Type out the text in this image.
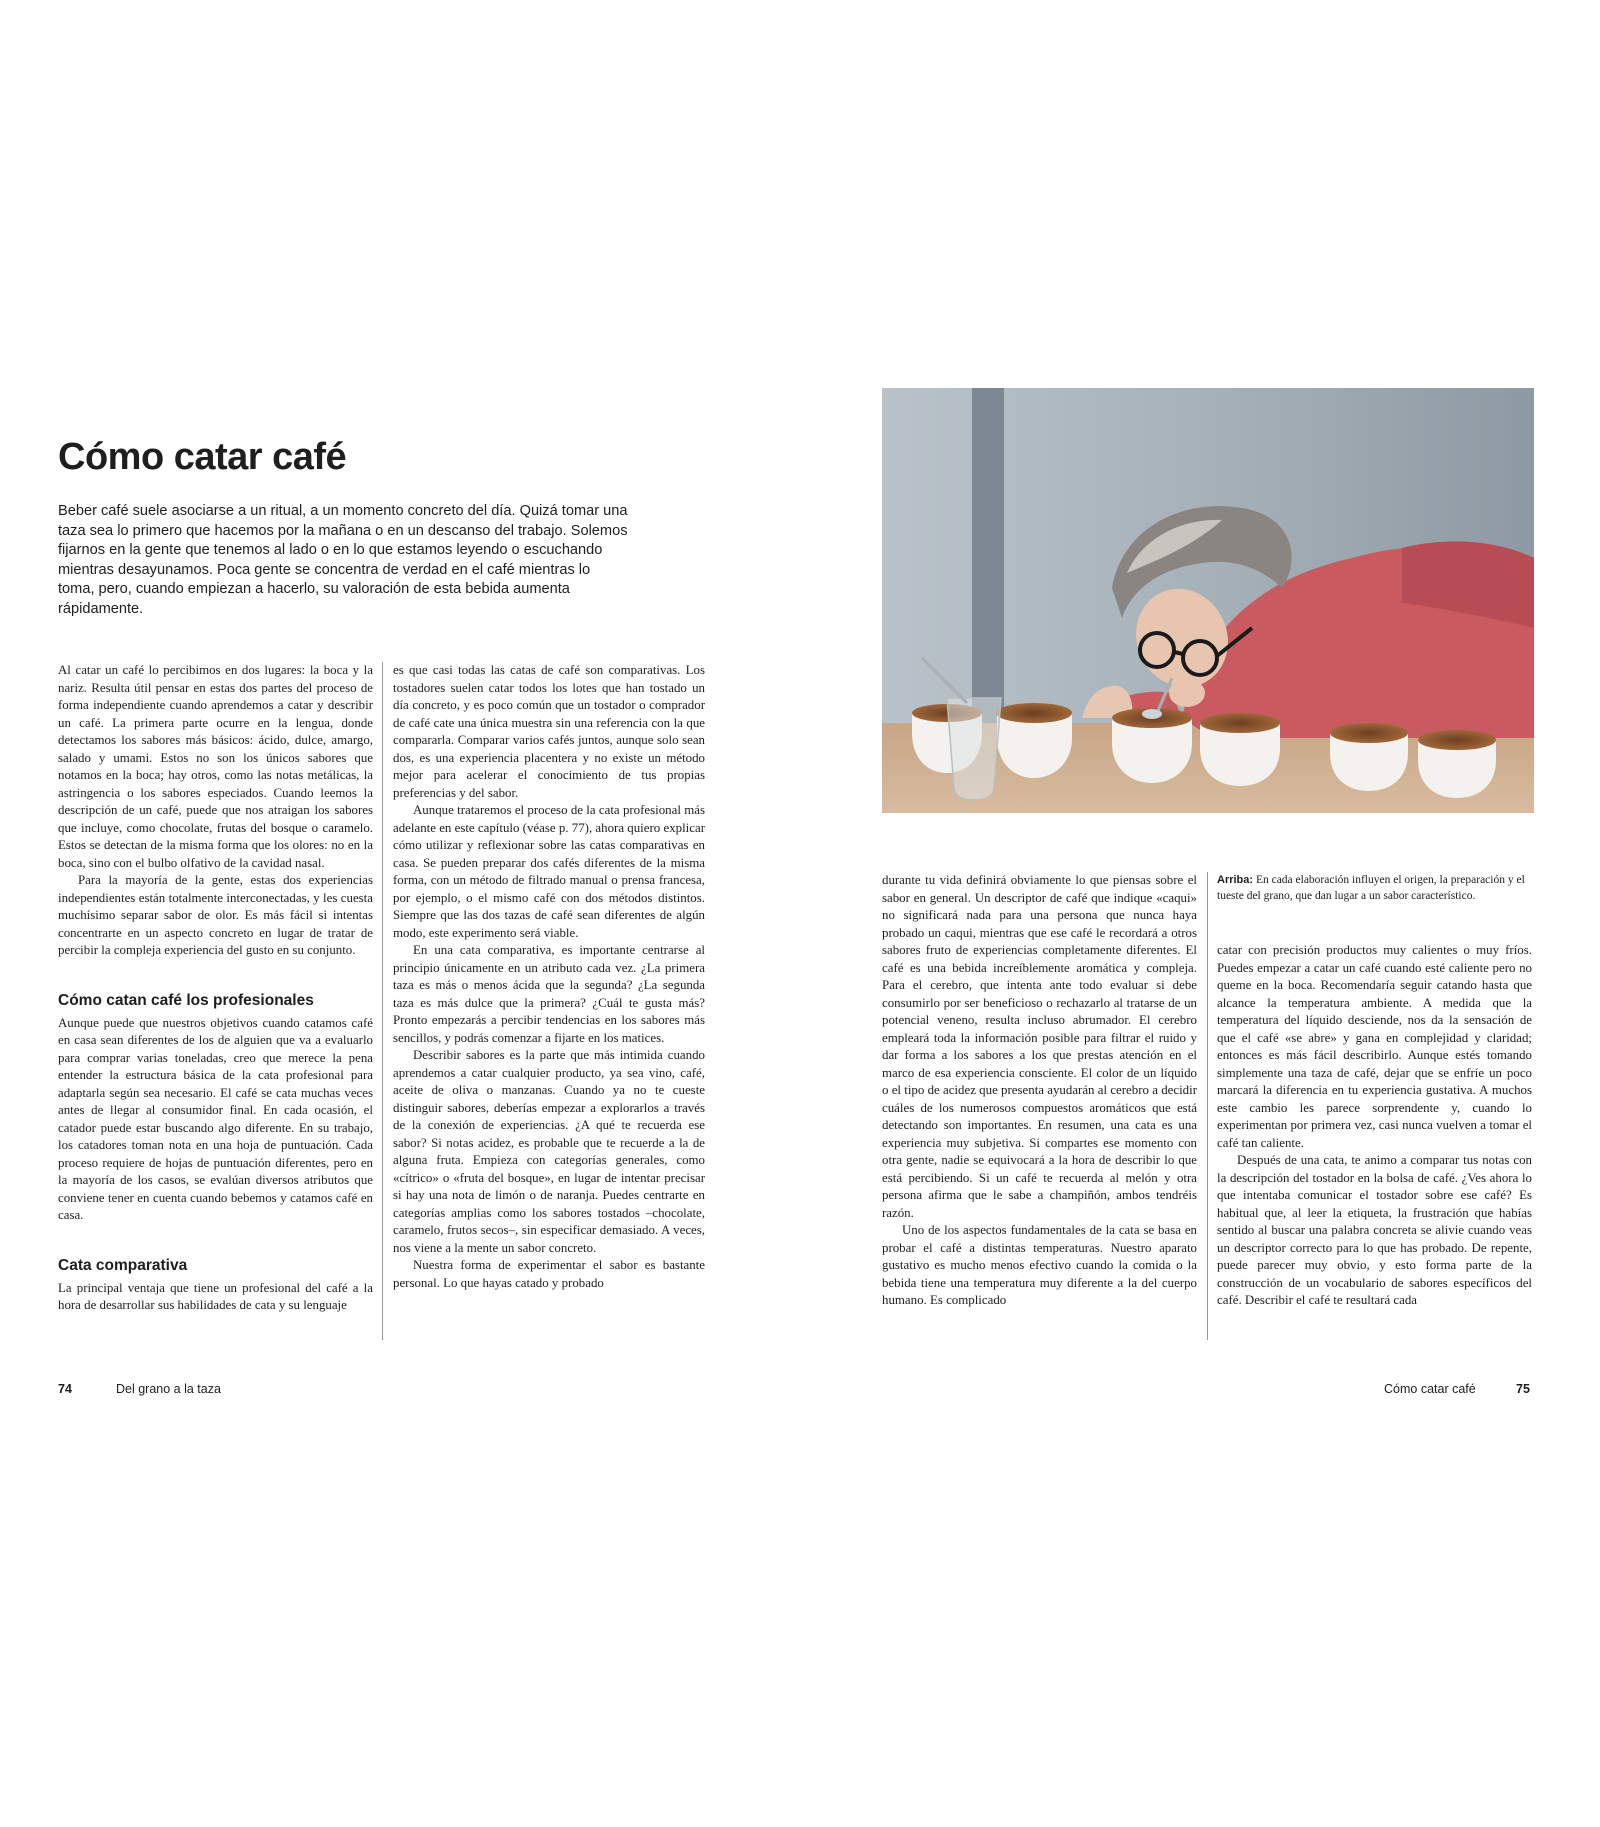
Cómo catar café

Beber café suele asociarse a un ritual, a un momento concreto del día. Quizá tomar una taza sea lo primero que hacemos por la mañana o en un descanso del trabajo. Solemos fijarnos en la gente que tenemos al lado o en lo que estamos leyendo o escuchando mientras desayunamos. Poca gente se concentra de verdad en el café mientras lo toma, pero, cuando empiezan a hacerlo, su valoración de esta bebida aumenta rápidamente.

Al catar un café lo percibimos en dos lugares: la boca y la nariz. Resulta útil pensar en estas dos partes del proceso de forma independiente cuando aprendemos a catar y describir un café. La primera parte ocurre en la lengua, donde detectamos los sabores más básicos: ácido, dulce, amargo, salado y umami. Estos no son los únicos sabores que notamos en la boca; hay otros, como las notas metálicas, la astringencia o los sabores especiados. Cuando leemos la descripción de un café, puede que nos atraigan los sabores que incluye, como chocolate, frutas del bosque o caramelo. Estos se detectan de la misma forma que los olores: no en la boca, sino con el bulbo olfativo de la cavidad nasal.

Para la mayoría de la gente, estas dos experiencias independientes están totalmente interconectadas, y les cuesta muchísimo separar sabor de olor. Es más fácil si intentas concentrarte en un aspecto concreto en lugar de tratar de percibir la compleja experiencia del gusto en su conjunto.

Cómo catan café los profesionales

Aunque puede que nuestros objetivos cuando catamos café en casa sean diferentes de los de alguien que va a evaluarlo para comprar varias toneladas, creo que merece la pena entender la estructura básica de la cata profesional para adaptarla según sea necesario. El café se cata muchas veces antes de llegar al consumidor final. En cada ocasión, el catador puede estar buscando algo diferente. En su trabajo, los catadores toman nota en una hoja de puntuación. Cada proceso requiere de hojas de puntuación diferentes, pero en la mayoría de los casos, se evalúan diversos atributos que conviene tener en cuenta cuando bebemos y catamos café en casa.

Cata comparativa

La principal ventaja que tiene un profesional del café a la hora de desarrollar sus habilidades de cata y su lenguaje

es que casi todas las catas de café son comparativas. Los tostadores suelen catar todos los lotes que han tostado un día concreto, y es poco común que un tostador o comprador de café cate una única muestra sin una referencia con la que compararla. Comparar varios cafés juntos, aunque solo sean dos, es una experiencia placentera y no existe un método mejor para acelerar el conocimiento de tus propias preferencias y del sabor.

Aunque trataremos el proceso de la cata profesional más adelante en este capítulo (véase p. 77), ahora quiero explicar cómo utilizar y reflexionar sobre las catas comparativas en casa. Se pueden preparar dos cafés diferentes de la misma forma, con un método de filtrado manual o prensa francesa, por ejemplo, o el mismo café con dos métodos distintos. Siempre que las dos tazas de café sean diferentes de algún modo, este experimento será viable.

En una cata comparativa, es importante centrarse al principio únicamente en un atributo cada vez. ¿La primera taza es más o menos ácida que la segunda? ¿La segunda taza es más dulce que la primera? ¿Cuál te gusta más? Pronto empezarás a percibir tendencias en los sabores más sencillos, y podrás comenzar a fijarte en los matices.

Describir sabores es la parte que más intimida cuando aprendemos a catar cualquier producto, ya sea vino, café, aceite de oliva o manzanas. Cuando ya no te cueste distinguir sabores, deberías empezar a explorarlos a través de la conexión de experiencias. ¿A qué te recuerda ese sabor? Si notas acidez, es probable que te recuerde a la de alguna fruta. Empieza con categorías generales, como «cítrico» o «fruta del bosque», en lugar de intentar precisar si hay una nota de limón o de naranja. Puedes centrarte en categorías amplias como los sabores tostados –chocolate, caramelo, frutos secos–, sin especificar demasiado. A veces, nos viene a la mente un sabor concreto.

Nuestra forma de experimentar el sabor es bastante personal. Lo que hayas catado y probado

Arriba: En cada elaboración influyen el origen, la preparación y el tueste del grano, que dan lugar a un sabor característico.

durante tu vida definirá obviamente lo que piensas sobre el sabor en general. Un descriptor de café que indique «caqui» no significará nada para una persona que nunca haya probado un caqui, mientras que ese café le recordará a otros sabores fruto de experiencias completamente diferentes. El café es una bebida increíblemente aromática y compleja. Para el cerebro, que intenta ante todo evaluar si debe consumirlo por ser beneficioso o rechazarlo al tratarse de un potencial veneno, resulta incluso abrumador. El cerebro empleará toda la información posible para filtrar el ruido y dar forma a los sabores a los que prestas atención en el marco de esa experiencia consciente. El color de un líquido o el tipo de acidez que presenta ayudarán al cerebro a decidir cuáles de los numerosos compuestos aromáticos que está detectando son importantes. En resumen, una cata es una experiencia muy subjetiva. Si compartes ese momento con otra gente, nadie se equivocará a la hora de describir lo que está percibiendo. Si un café te recuerda al melón y otra persona afirma que le sabe a champiñón, ambos tendréis razón.

Uno de los aspectos fundamentales de la cata se basa en probar el café a distintas temperaturas. Nuestro aparato gustativo es mucho menos efectivo cuando la comida o la bebida tiene una temperatura muy diferente a la del cuerpo humano. Es complicado

catar con precisión productos muy calientes o muy fríos. Puedes empezar a catar un café cuando esté caliente pero no queme en la boca. Recomendaría seguir catando hasta que alcance la temperatura ambiente. A medida que la temperatura del líquido desciende, nos da la sensación de que el café «se abre» y gana en complejidad y claridad; entonces es más fácil describirlo. Aunque estés tomando simplemente una taza de café, dejar que se enfríe un poco marcará la diferencia en tu experiencia gustativa. A muchos este cambio les parece sorprendente y, cuando lo experimentan por primera vez, casi nunca vuelven a tomar el café tan caliente.

Después de una cata, te animo a comparar tus notas con la descripción del tostador en la bolsa de café. ¿Ves ahora lo que intentaba comunicar el tostador sobre ese café? Es habitual que, al leer la etiqueta, la frustración que habías sentido al buscar una palabra concreta se alivie cuando veas un descriptor correcto para lo que has probado. De repente, puede parecer muy obvio, y esto forma parte de la construcción de un vocabulario de sabores específicos del café. Describir el café te resultará cada

74	Del grano a la taza	Cómo catar café	75
